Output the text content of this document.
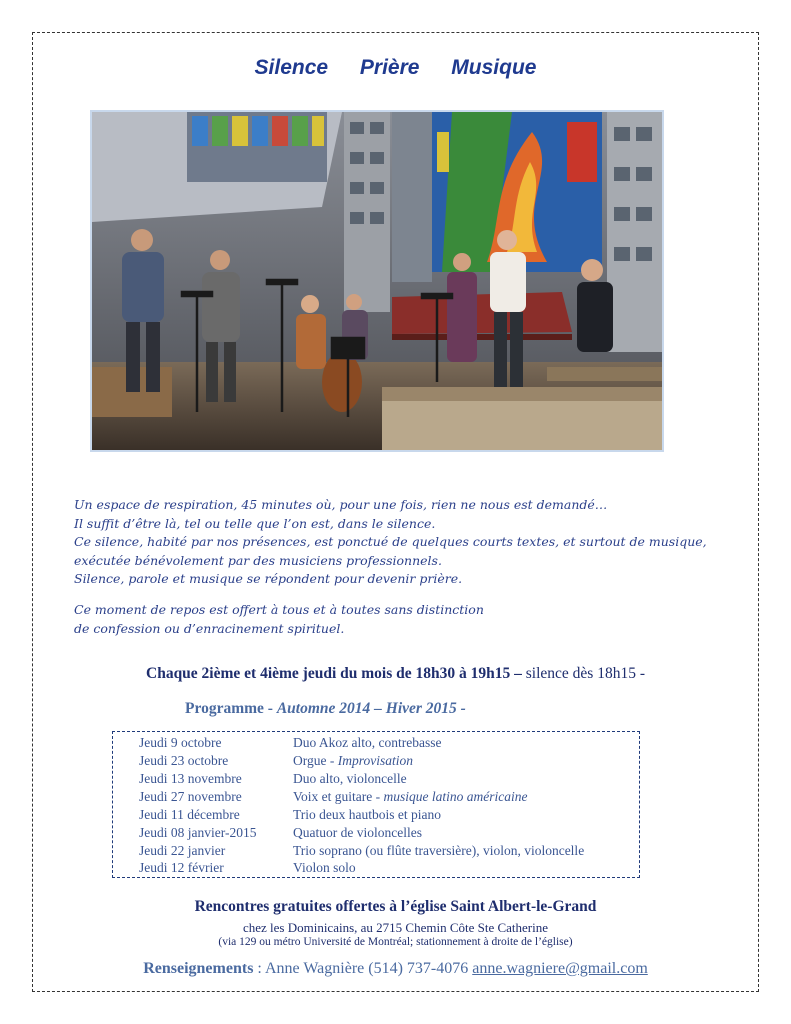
Silence Prière Musique

Un espace de respiration, 45 minutes où, pour une fois, rien ne nous est demandé…

Il suffit d’être là, tel ou telle que l’on est, dans le silence.

Ce silence, habité par nos présences, est ponctué de quelques courts textes, et surtout de musique,

exécutée bénévolement par des musiciens professionnels.

Silence, parole et musique se répondent pour devenir prière.

Ce moment de repos est offert à tous et à toutes sans distinction

de confession ou d’enracinement spirituel.

Chaque 2ième et 4ième jeudi du mois de 18h30 à 19h15 – silence dès 18h15 -
Programme - Automne 2014 – Hiver 2015 -
Jeudi 9 octobre	Duo Akoz alto, contrebasse
Jeudi 23 octobre	Orgue - Improvisation
Jeudi 13 novembre	Duo alto, violoncelle
Jeudi 27 novembre	Voix et guitare - musique latino américaine
Jeudi 11 décembre	Trio deux hautbois et piano
Jeudi 08 janvier-2015	Quatuor de violoncelles
Jeudi 22 janvier	Trio soprano (ou flûte traversière), violon, violoncelle
Jeudi 12 février	Violon solo
Rencontres gratuites offertes à l’église Saint Albert-le-Grand
chez les Dominicains, au 2715 Chemin Côte Ste Catherine
(via 129 ou métro Université de Montréal; stationnement à droite de l’église)
Renseignements : Anne Wagnière (514) 737-4076 anne.wagniere@gmail.com
